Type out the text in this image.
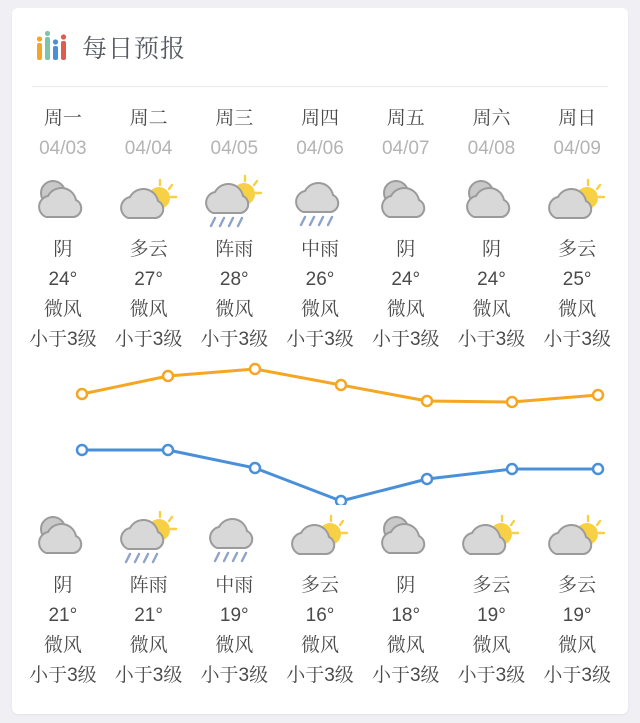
每日预报
周一
04/03
周二
04/04
周三
04/05
周四
04/06
周五
04/07
周六
04/08
周日
04/09
阴
24°
微风
小于3级
多云
27°
微风
小于3级
阵雨
28°
微风
小于3级
中雨
26°
微风
小于3级
阴
24°
微风
小于3级
阴
24°
微风
小于3级
多云
25°
微风
小于3级
阴
21°
微风
小于3级
阵雨
21°
微风
小于3级
中雨
19°
微风
小于3级
多云
16°
微风
小于3级
阴
18°
微风
小于3级
多云
19°
微风
小于3级
多云
19°
微风
小于3级
